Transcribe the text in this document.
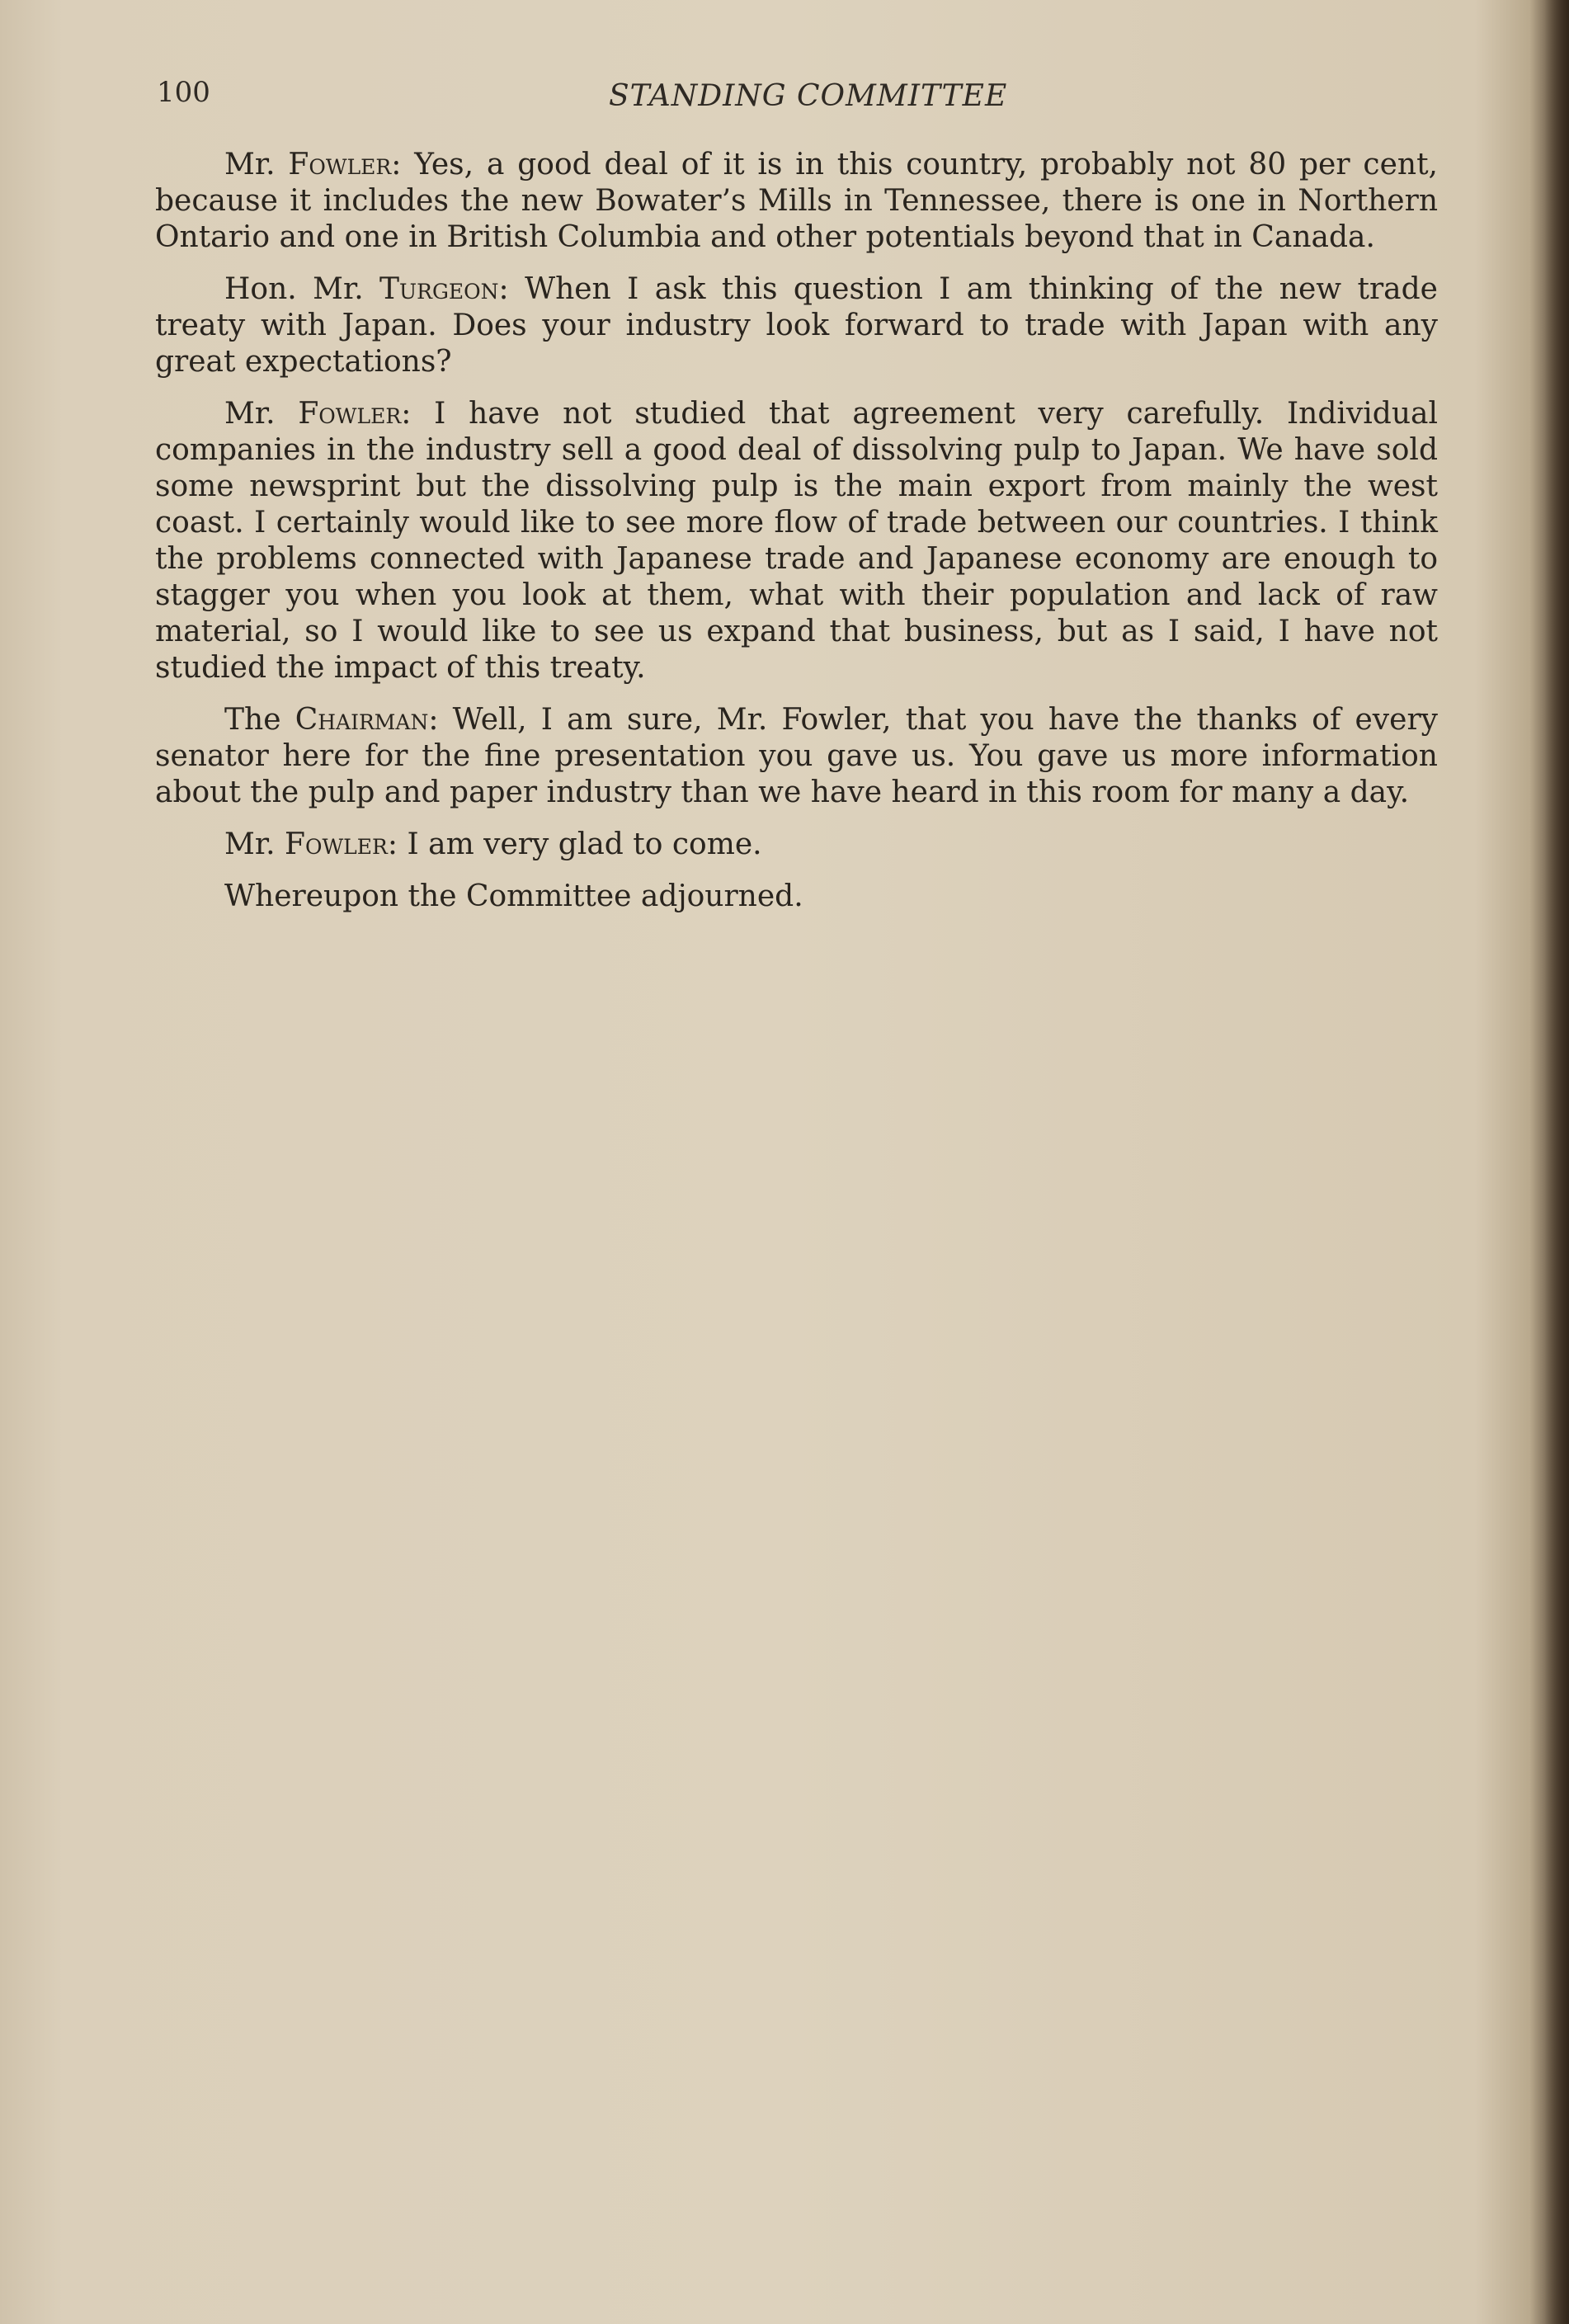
100	STANDING COMMITTEE

Mr. Fowler: Yes, a good deal of it is in this country, probably not 80 per cent, because it includes the new Bowater’s Mills in Tennessee, there is one in Northern Ontario and one in British Columbia and other potentials beyond that in Canada.

Hon. Mr. Turgeon: When I ask this question I am thinking of the new trade treaty with Japan. Does your industry look forward to trade with Japan with any great expectations?

Mr. Fowler: I have not studied that agreement very carefully. Individual companies in the industry sell a good deal of dissolving pulp to Japan. We have sold some newsprint but the dissolving pulp is the main export from mainly the west coast. I certainly would like to see more flow of trade between our countries. I think the problems connected with Japanese trade and Japanese economy are enough to stagger you when you look at them, what with their population and lack of raw material, so I would like to see us expand that business, but as I said, I have not studied the impact of this treaty.

The Chairman: Well, I am sure, Mr. Fowler, that you have the thanks of every senator here for the fine presentation you gave us. You gave us more information about the pulp and paper industry than we have heard in this room for many a day.

Mr. Fowler: I am very glad to come.

Whereupon the Committee adjourned.
